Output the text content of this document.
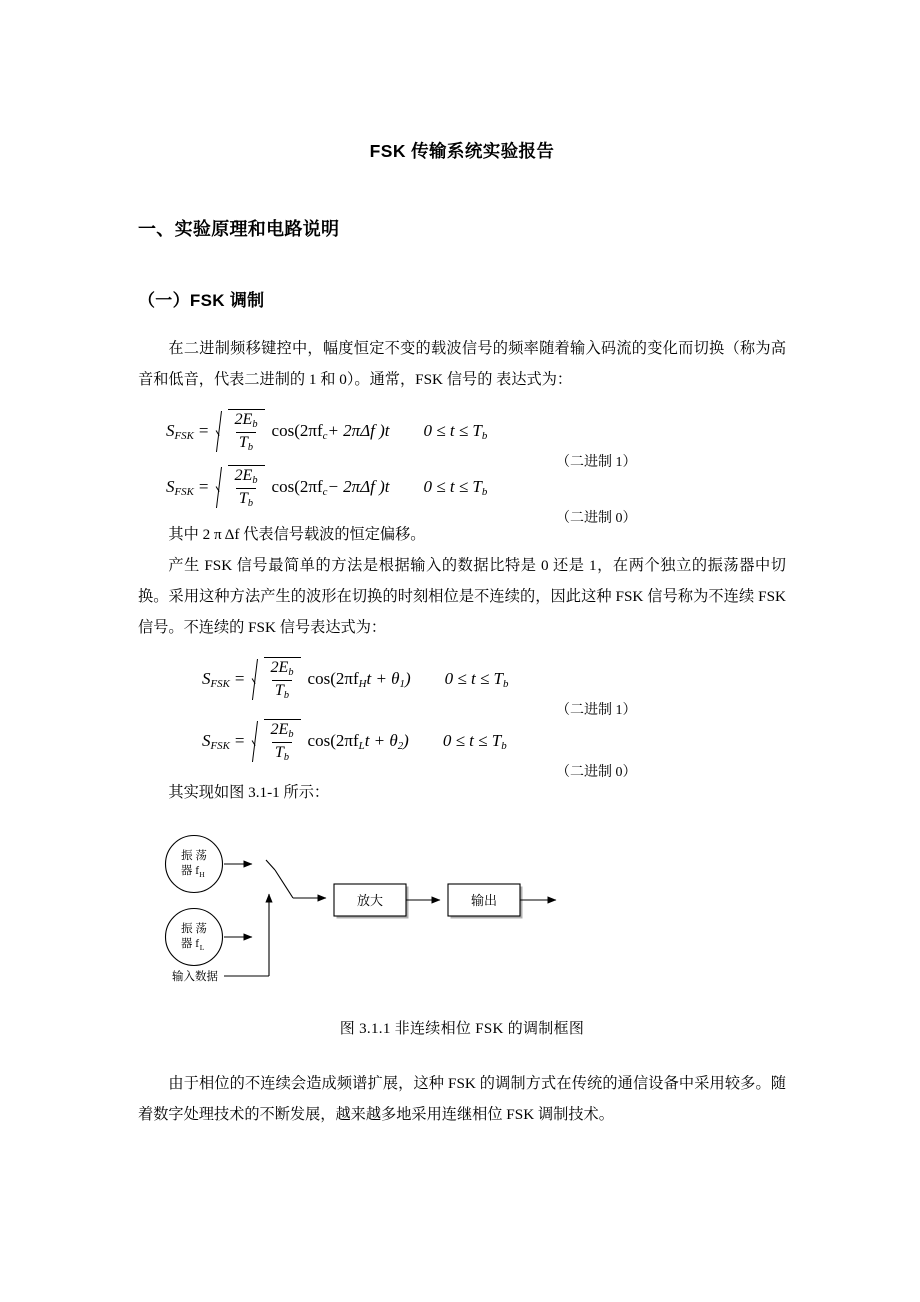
FSK 传输系统实验报告
一、实验原理和电路说明
（一）FSK 调制

在二进制频移键控中，幅度恒定不变的载波信号的频率随着输入码流的变化而切换（称为高音和低音，代表二进制的 1 和 0）。通常，FSK 信号的 表达式为：

$S_{FSK} = \frac{2E_b}{T_b} \cos(2\pi f_c+ 2\pi\Delta f$ )t $0 \le t \le T_b$
（二进制 1）
$S_{FSK} = \frac{2E_b}{T_b} \cos(2\pi f_c- 2\pi\Delta f$ )t $0 \le t \le T_b$
（二进制 0）

其中 2 π Δf 代表信号载波的恒定偏移。

产生 FSK 信号最简单的方法是根据输入的数据比特是 0 还是 1，在两个独立的振荡器中切换。采用这种方法产生的波形在切换的时刻相位是不连续的，因此这种 FSK 信号称为不连续 FSK 信号。不连续的 FSK 信号表达式为：

$S_{FSK} = \frac{2E_b}{T_b} \cos(2\pi f_Ht + \theta_1) 0 \le t \le T_b$
（二进制 1）
$S_{FSK} = \frac{2E_b}{T_b} \cos(2\pi f_Lt + \theta_2) 0 \le t \le T_b$
（二进制 0）

其实现如图 3.1-1 所示：

振 荡
器 f H
振 荡
器 f L
输入数据
放大	输出

图 3.1.1 非连续相位 FSK 的调制框图

由于相位的不连续会造成频谱扩展，这种 FSK 的调制方式在传统的通信设备中采用较多。随着数字处理技术的不断发展，越来越多地采用连继相位 FSK 调制技术。
